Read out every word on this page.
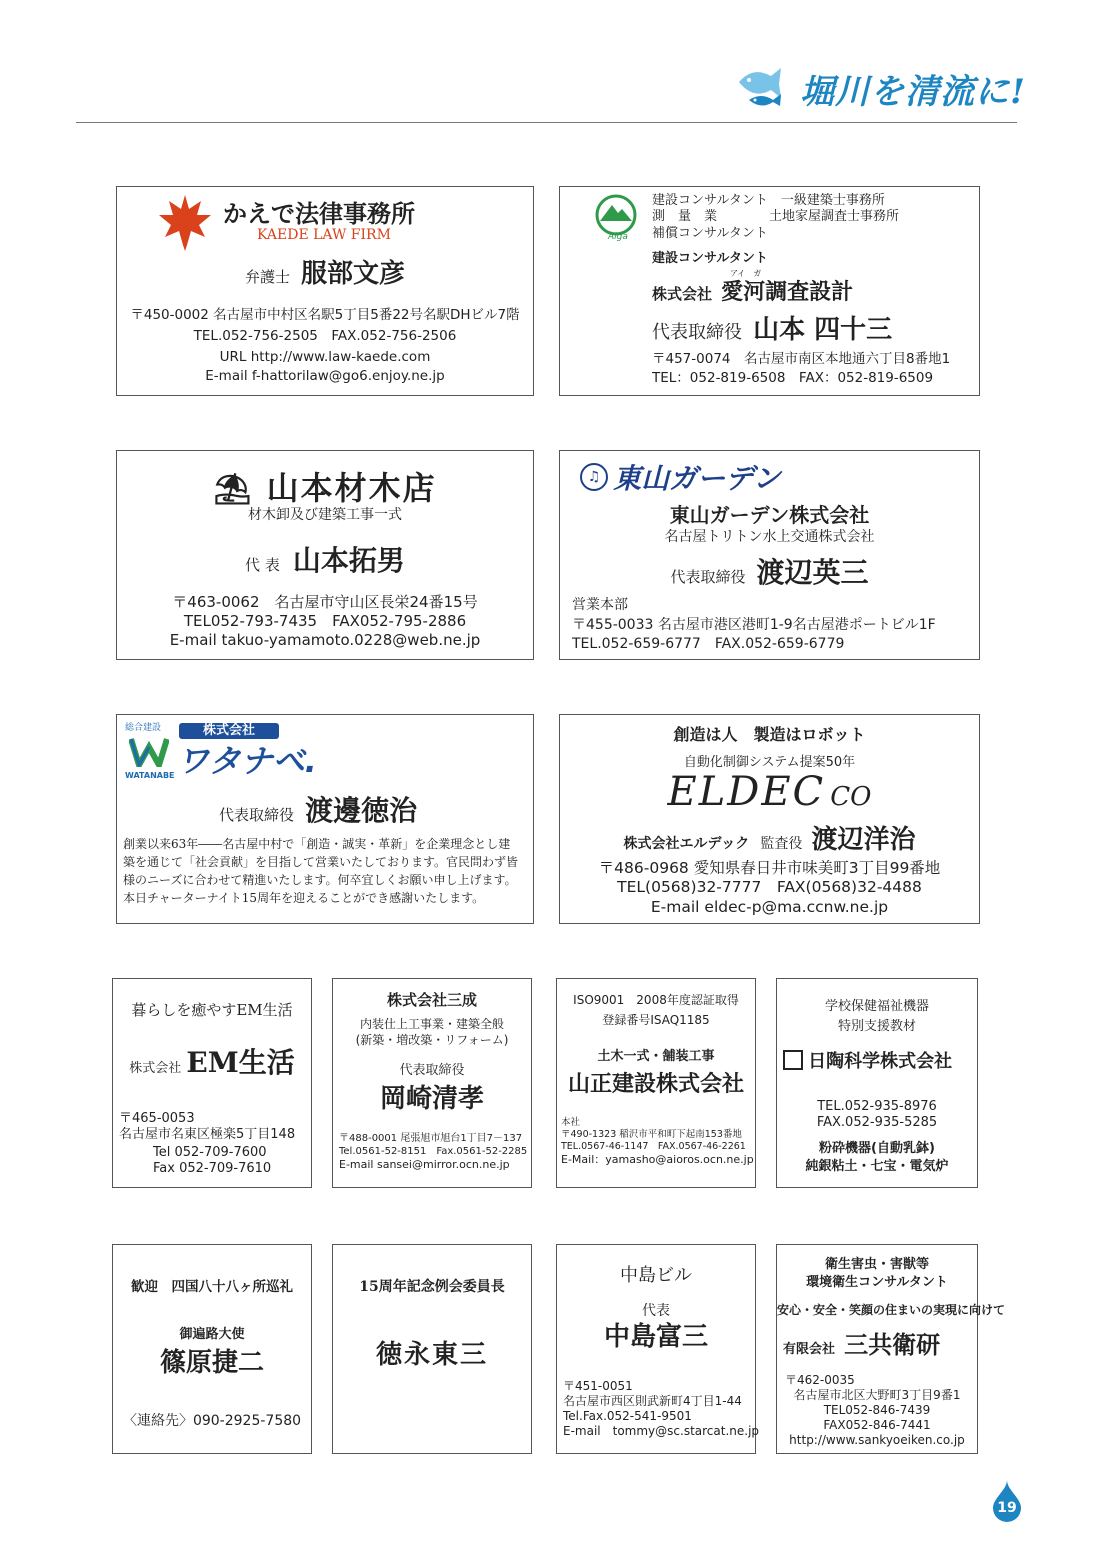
堀川を清流に!
かえで法律事務所
KAEDE LAW FIRM
弁護士 服部文彦
〒450-0002 名古屋市中村区名駅5丁目5番22号名駅DHビル7階
TEL.052-756-2505　FAX.052-756-2506
URL http://www.law-kaede.com
E-mail f-hattorilaw@go6.enjoy.ne.jp
Aiga
建設コンサルタント　一級建築士事務所
測　量　業　　　　土地家屋調査士事務所
補償コンサルタント
建設コンサルタント
アイ　ガ
株式会社 愛河調査設計
代表取締役 山本 四十三
〒457-0074　名古屋市南区本地通六丁目8番地1
TEL：052-819-6508　FAX：052-819-6509
⛱ 山本材木店
材木卸及び建築工事一式
代 表 山本拓男
〒463-0062　名古屋市守山区長栄24番15号
TEL052-793-7435　FAX052-795-2886
E-mail takuo-yamamoto.0228@web.ne.jp
♫ 東山ガーデン
東山ガーデン株式会社
名古屋トリトン水上交通株式会社
代表取締役 渡辺英三
営業本部
〒455-0033 名古屋市港区港町1-9名古屋港ポートビル1F
TEL.052-659-6777　FAX.052-659-6779
総合建設
WATANABE
株式会社
ワタナベ.
代表取締役 渡邊徳治
創業以来63年――名古屋中村で「創造・誠実・革新」を企業理念とし建
築を通じて「社会貢献」を目指して営業いたしております。官民問わず皆
様のニーズに合わせて精進いたします。何卒宜しくお願い申し上げます。
本日チャーターナイト15周年を迎えることができ感謝いたします。
創造は人　製造はロボット
自動化制御システム提案50年
ELDEC CO
株式会社エルデック 監査役 渡辺洋治
〒486-0968 愛知県春日井市味美町3丁目99番地
TEL(0568)32-7777　FAX(0568)32-4488
E-mail eldec-p@ma.ccnw.ne.jp
暮らしを癒やすEM生活
株式会社 EM生活
〒465-0053
名古屋市名東区極楽5丁目148
Tel 052-709-7600
Fax 052-709-7610
株式会社三成
内装仕上工事業・建築全般
(新築・増改築・リフォーム)
代表取締役
岡崎清孝
〒488-0001 尾張旭市旭台1丁目7－137
Tel.0561-52-8151　Fax.0561-52-2285
E-mail sansei@mirror.ocn.ne.jp
ISO9001　2008年度認証取得
登録番号ISAQ1185
土木一式・舗装工事
山正建設株式会社
本社
〒490-1323 稲沢市平和町下起南153番地
TEL.0567-46-1147　FAX.0567-46-2261
E-Mail：yamasho@aioros.ocn.ne.jp
学校保健福祉機器
特別支援教材
日陶科学株式会社
TEL.052-935-8976
FAX.052-935-5285
粉砕機器(自動乳鉢)
純銀粘土・七宝・電気炉
歓迎　四国八十八ヶ所巡礼
御遍路大使
篠原捷二
〈連絡先〉090-2925-7580
15周年記念例会委員長
徳永東三
中島ビル
代表
中島富三
〒451-0051
名古屋市西区則武新町4丁目1-44
Tel.Fax.052-541-9501
E-mail　tommy@sc.starcat.ne.jp
衛生害虫・害獣等
環境衛生コンサルタント
安心・安全・笑顔の住まいの実現に向けて
有限会社 三共衛研
〒462-0035
名古屋市北区大野町3丁目9番1
TEL052-846-7439
FAX052-846-7441
http://www.sankyoeiken.co.jp
19
